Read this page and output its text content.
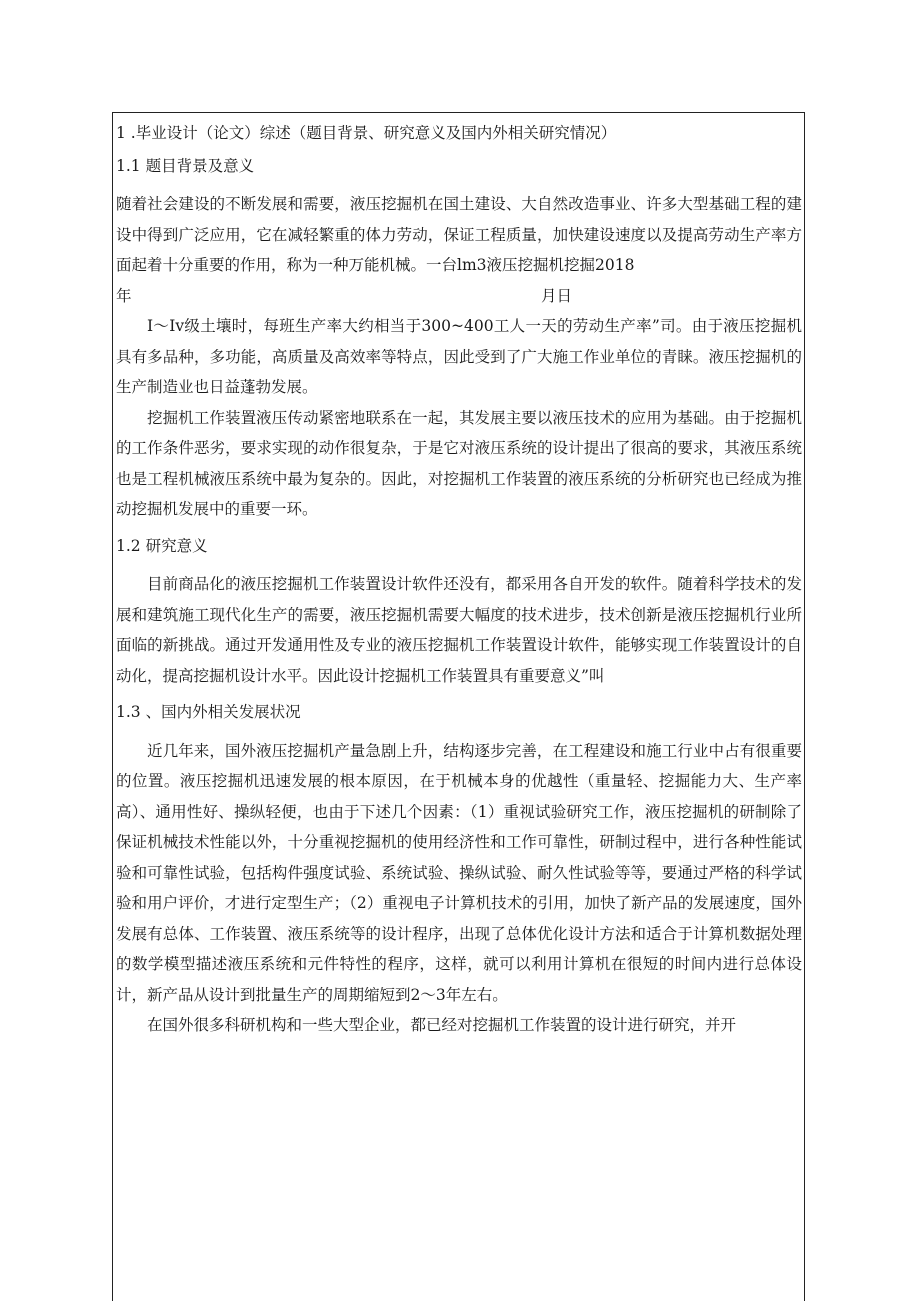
1 .毕业设计（论文）综述（题目背景、研究意义及国内外相关研究情况）

1.1 题目背景及意义

随着社会建设的不断发展和需要，液压挖掘机在国土建设、大自然改造事业、许多大型基础工程的建设中得到广泛应用，它在减轻繁重的体力劳动，保证工程质量，加快建设速度以及提高劳动生产率方面起着十分重要的作用，称为一种万能机械。一台lm3液压挖掘机挖掘2018

年	月日

I～Iv级土壤时，每班生产率大约相当于300~400工人一天的劳动生产率”司。由于液压挖掘机具有多品种，多功能，高质量及高效率等特点，因此受到了广大施工作业单位的青睐。液压挖掘机的生产制造业也日益蓬勃发展。

挖掘机工作装置液压传动紧密地联系在一起，其发展主要以液压技术的应用为基础。由于挖掘机的工作条件恶劣，要求实现的动作很复杂，于是它对液压系统的设计提出了很高的要求，其液压系统也是工程机械液压系统中最为复杂的。因此，对挖掘机工作装置的液压系统的分析研究也已经成为推动挖掘机发展中的重要一环。

1.2 研究意义

目前商品化的液压挖掘机工作装置设计软件还没有，都采用各自开发的软件。随着科学技术的发展和建筑施工现代化生产的需要，液压挖掘机需要大幅度的技术进步，技术创新是液压挖掘机行业所面临的新挑战。通过开发通用性及专业的液压挖掘机工作装置设计软件，能够实现工作装置设计的自动化，提高挖掘机设计水平。因此设计挖掘机工作装置具有重要意义”叫

1.3 、国内外相关发展状况

近几年来，国外液压挖掘机产量急剧上升，结构逐步完善，在工程建设和施工行业中占有很重要的位置。液压挖掘机迅速发展的根本原因，在于机械本身的优越性（重量轻、挖掘能力大、生产率高）、通用性好、操纵轻便，也由于下述几个因素：（1）重视试验研究工作，液压挖掘机的研制除了保证机械技术性能以外，十分重视挖掘机的使用经济性和工作可靠性，研制过程中，进行各种性能试验和可靠性试验，包括构件强度试验、系统试验、操纵试验、耐久性试验等等，要通过严格的科学试验和用户评价，才进行定型生产；（2）重视电子计算机技术的引用，加快了新产品的发展速度，国外发展有总体、工作装置、液压系统等的设计程序，出现了总体优化设计方法和适合于计算机数据处理的数学模型描述液压系统和元件特性的程序，这样，就可以利用计算机在很短的时间内进行总体设计，新产品从设计到批量生产的周期缩短到2～3年左右。

在国外很多科研机构和一些大型企业，都已经对挖掘机工作装置的设计进行研究，并开
